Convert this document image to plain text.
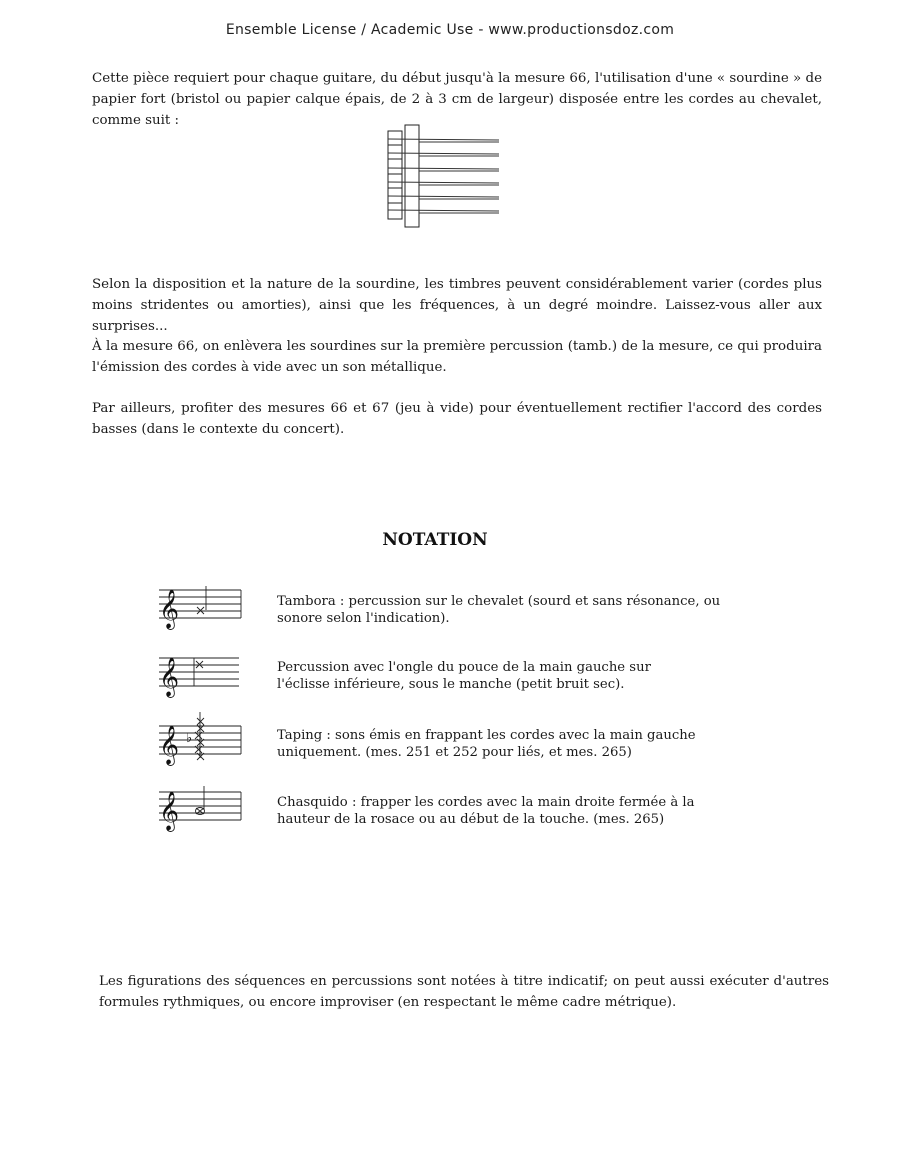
Ensemble License / Academic Use - www.productionsdoz.com
Cette pièce requiert pour chaque guitare, du début jusqu'à la mesure 66, l'utilisation d'une « sourdine » de papier fort (bristol ou papier calque épais, de 2 à 3 cm de largeur) disposée entre les cordes au chevalet, comme suit :
Selon la disposition et la nature de la sourdine, les timbres peuvent considérablement varier (cordes plus moins stridentes ou amorties), ainsi que les fréquences, à un degré moindre. Laissez-vous aller aux surprises...
À la mesure 66, on enlèvera les sourdines sur la première percussion (tamb.) de la mesure, ce qui produira l'émission des cordes à vide avec un son métallique.
Par ailleurs, profiter des mesures 66 et 67 (jeu à vide) pour éventuellement rectifier l'accord des cordes basses (dans le contexte du concert).
NOTATION
𝄞	Tambora : percussion sur le chevalet (sourd et sans résonance, ou
sonore selon l'indication).
𝄞	Percussion avec l'ongle du pouce de la main gauche sur
l'éclisse inférieure, sous le manche (petit bruit sec).
♭
𝄞	Taping : sons émis en frappant les cordes avec la main gauche
uniquement. (mes. 251 et 252 pour liés, et mes. 265)
𝄞	Chasquido : frapper les cordes avec la main droite fermée à la
hauteur de la rosace ou au début de la touche. (mes. 265)
Les figurations des séquences en percussions sont notées à titre indicatif; on peut aussi exécuter d'autres formules rythmiques, ou encore improviser (en respectant le même cadre métrique).
